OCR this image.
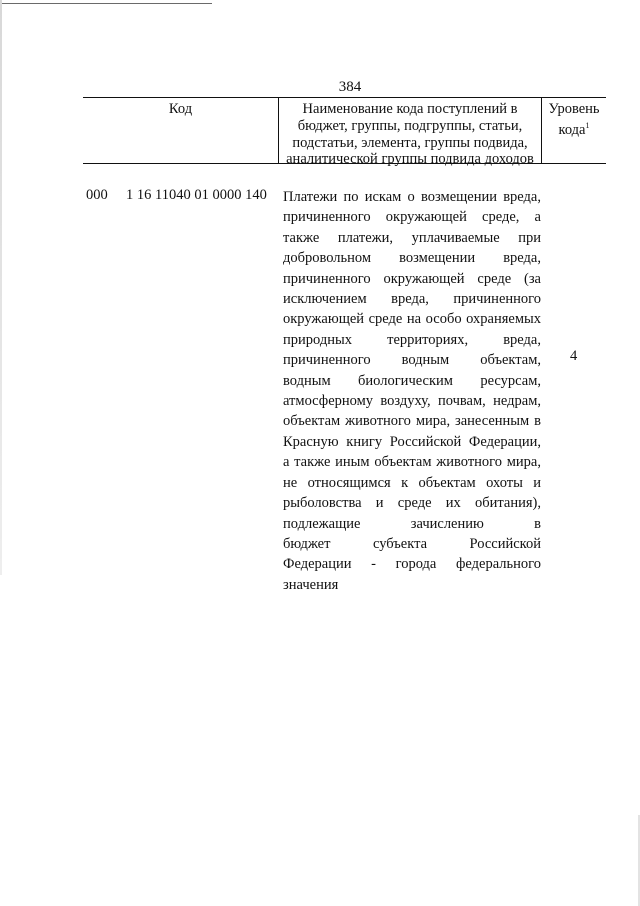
384
Код	Наименование кода поступлений в
бюджет, группы, подгруппы, статьи,
подстатьи, элемента, группы подвида,
аналитической группы подвида доходов
Уровень
кода$^1$
000 1 16 11040 01 0000 140 Платежи по искам о возмещении вреда,
причиненного окружающей среде, а
также платежи, уплачиваемые при
добровольном возмещении вреда,
причиненного окружающей среде (за
исключением вреда, причиненного
окружающей среде на особо охраняемых
природных территориях, вреда,
причиненного водным объектам,
водным биологическим ресурсам,
атмосферному воздуху, почвам, недрам,
объектам животного мира, занесенным в
Красную книгу Российской Федерации,
а также иным объектам животного мира,
не относящимся к объектам охоты и
рыболовства и среде их обитания),
подлежащие зачислению в
бюджет субъекта Российской
Федерации - города федерального
значения
4
